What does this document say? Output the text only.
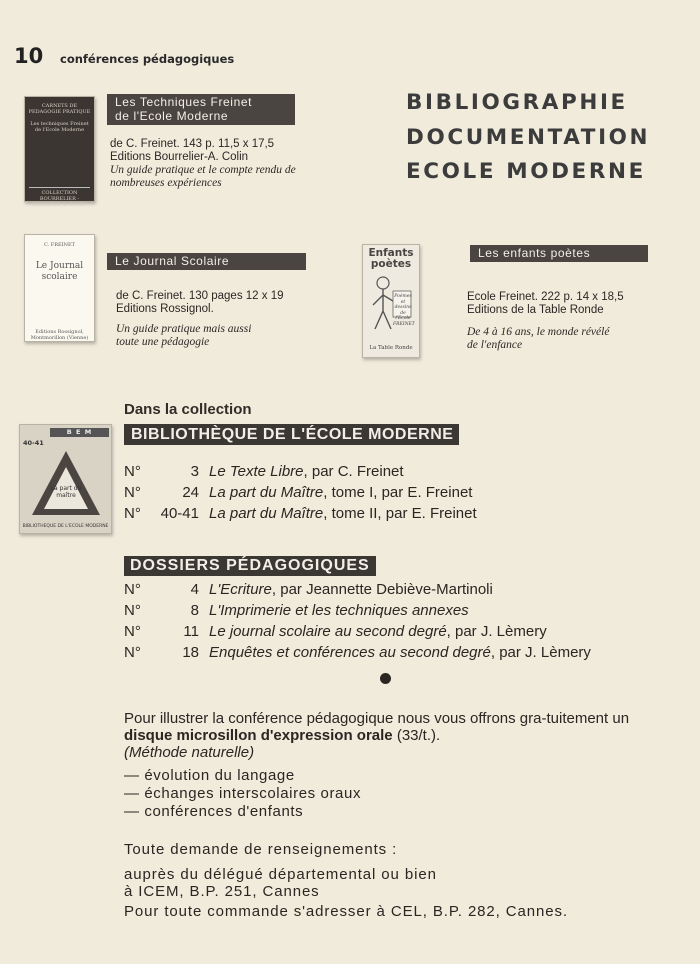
10 conférences pédagogiques
BIBLIOGRAPHIE
DOCUMENTATION
ECOLE MODERNE
CARNETS DE PEDAGOGIE PRATIQUE
Les techniques Freinet de l'Ecole Moderne
COLLECTION BOURRELIER - LIBRAIRIE A. COLIN
Les Techniques Freinet
de l'Ecole Moderne
de C. Freinet. 143 p. 11,5 x 17,5
Editions Bourrelier-A. Colin
Un guide pratique et le compte rendu de nombreuses expériences
C. FREINET
Le Journal scolaire
Editions Rossignol, Montmorillon (Vienne)
Le Journal Scolaire
de C. Freinet. 130 pages 12 x 19
Editions Rossignol.
Un guide pratique mais aussi toute une pédagogie
Enfants poètes
Poèmes et dessins de l'Ecole FREINET
La Table Ronde
Les enfants poètes
Ecole Freinet. 222 p. 14 x 18,5
Editions de la Table Ronde
De 4 à 16 ans, le monde révélé de l'enfance
Dans la collection
BIBLIOTHÈQUE DE L'ÉCOLE MODERNE
B E M
40-41
La part du maître
BIBLIOTHEQUE DE L'ECOLE MODERNE
N°	3 Le Texte Libre, par C. Freinet
N°	24 La part du Maître, tome I, par E. Freinet
N° 40-41 La part du Maître, tome II, par E. Freinet
DOSSIERS PÉDAGOGIQUES
N°	4 L'Ecriture, par Jeannette Debiève-Martinoli
N°	8 L'Imprimerie et les techniques annexes
N°	11 Le journal scolaire au second degré, par J. Lèmery
N°	18 Enquêtes et conférences au second degré, par J. Lèmery
Pour illustrer la conférence pédagogique nous vous offrons gra-tuitement un disque microsillon d'expression orale (33/t.).
(Méthode naturelle)
— évolution du langage
— échanges interscolaires oraux
— conférences d'enfants
Toute demande de renseignements :
auprès du délégué départemental ou bien
à ICEM, B.P. 251, Cannes
Pour toute commande s'adresser à CEL, B.P. 282, Cannes.
